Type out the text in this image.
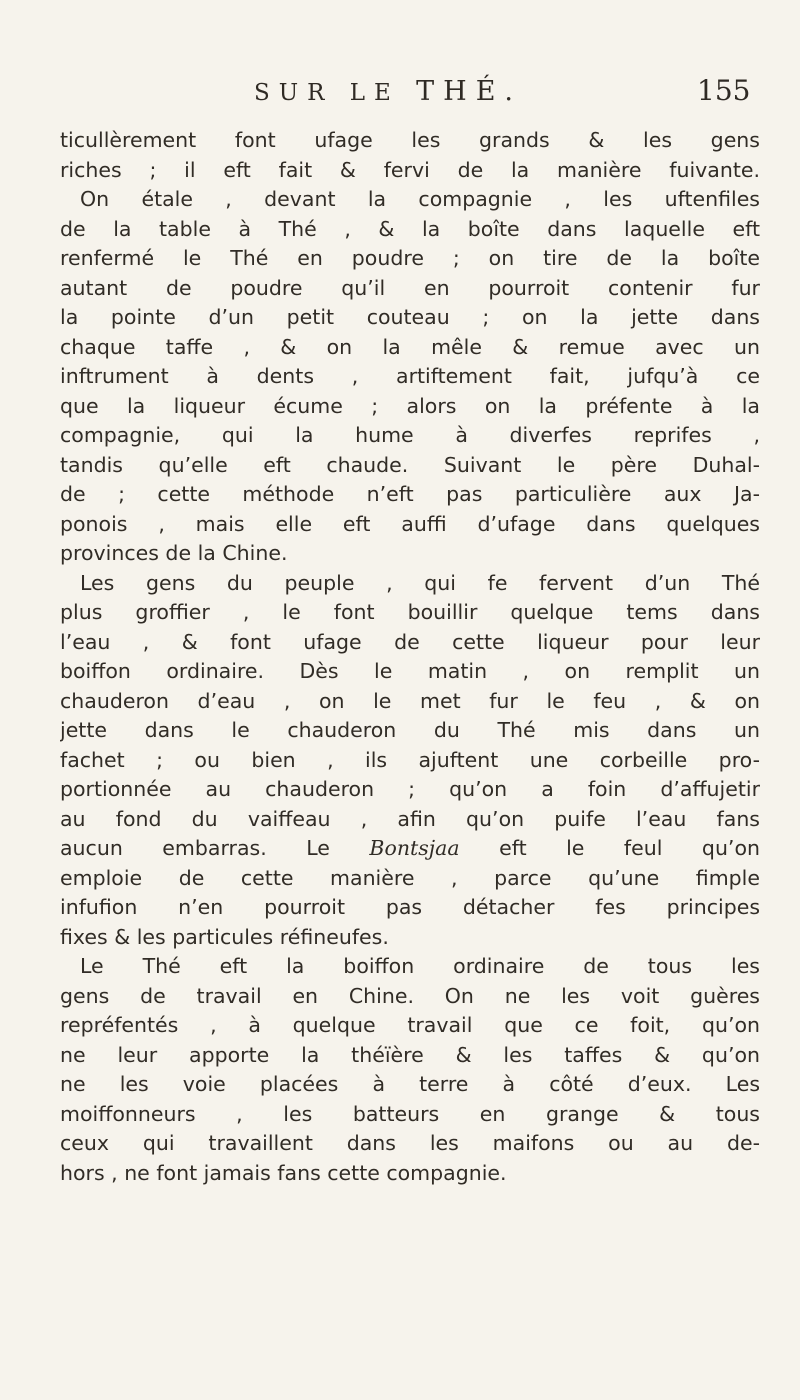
SUR LE THÉ.	155
ticullèrement font ufage les grands & les gens
riches ; il eft fait & fervi de la manière fuivante.
On étale , devant la compagnie , les uftenfiles
de la table à Thé , & la boîte dans laquelle eft
renfermé le Thé en poudre ; on tire de la boîte
autant de poudre qu’il en pourroit contenir fur
la pointe d’un petit couteau ; on la jette dans
chaque taffe , & on la mêle & remue avec un
inftrument à dents , artiftement fait, jufqu’à ce
que la liqueur écume ; alors on la préfente à la
compagnie, qui la hume à diverfes reprifes ,
tandis qu’elle eft chaude. Suivant le père Duhal-
de ; cette méthode n’eft pas particulière aux Ja-
ponois , mais elle eft auffi d’ufage dans quelques
provinces de la Chine.
Les gens du peuple , qui fe fervent d’un Thé
plus groffier , le font bouillir quelque tems dans
l’eau , & font ufage de cette liqueur pour leur
boiffon ordinaire. Dès le matin , on remplit un
chauderon d’eau , on le met fur le feu , & on
jette dans le chauderon du Thé mis dans un
fachet ; ou bien , ils ajuftent une corbeille pro-
portionnée au chauderon ; qu’on a foin d’affujetir
au fond du vaiffeau , afin qu’on puife l’eau fans
aucun embarras. Le Bontsjaa eft le feul qu’on
emploie de cette manière , parce qu’une fimple
infufion n’en pourroit pas détacher fes principes
fixes & les particules réfineufes.
Le Thé eft la boiffon ordinaire de tous les
gens de travail en Chine. On ne les voit guères
repréfentés , à quelque travail que ce foit, qu’on
ne leur apporte la théïère & les taffes & qu’on
ne les voie placées à terre à côté d’eux. Les
moiffonneurs , les batteurs en grange & tous
ceux qui travaillent dans les maifons ou au de-
hors , ne font jamais fans cette compagnie.
